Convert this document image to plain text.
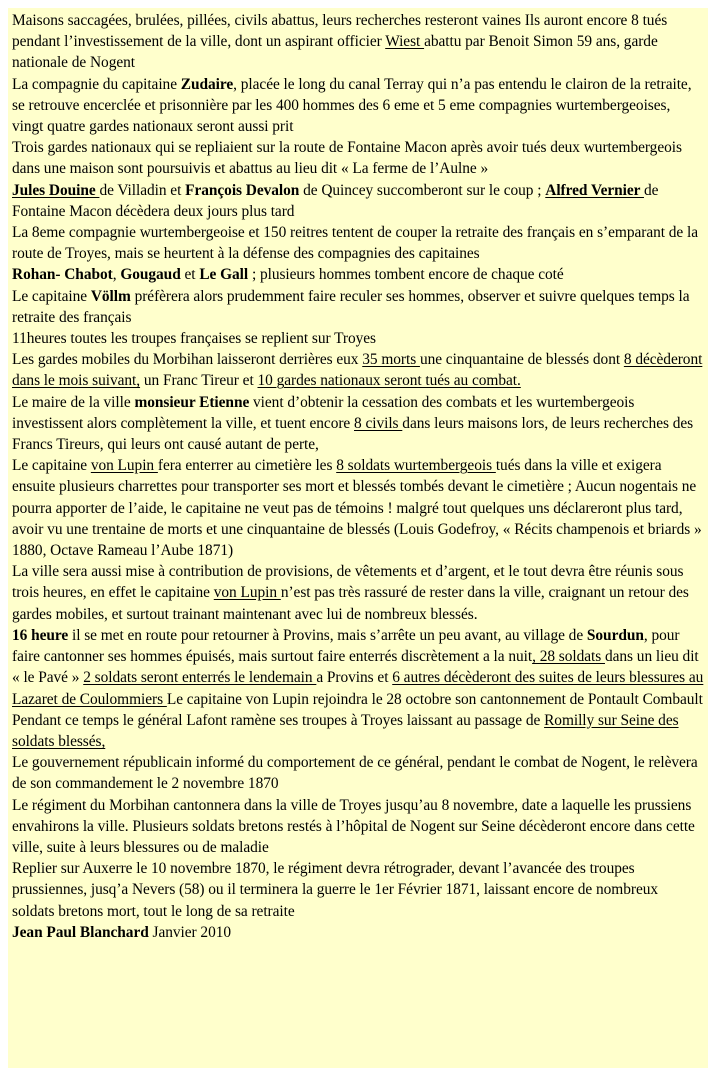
Maisons saccagées, brulées, pillées, civils abattus, leurs recherches resteront vaines Ils auront encore 8 tués pendant l’investissement de la ville, dont un aspirant officier Wiest abattu par Benoit Simon 59 ans, garde nationale de Nogent
La compagnie du capitaine Zudaire, placée le long du canal Terray qui n’a pas entendu le clairon de la retraite, se retrouve encerclée et prisonnière par les 400 hommes des 6 eme et 5 eme compagnies wurtembergeoises, vingt quatre gardes nationaux seront aussi prit
Trois gardes nationaux qui se repliaient sur la route de Fontaine Macon après avoir tués deux wurtembergeois dans une maison sont poursuivis et abattus au lieu dit « La ferme de l’Aulne »
Jules Douine de Villadin et François Devalon de Quincey succomberont sur le coup ; Alfred Vernier de Fontaine Macon décèdera deux jours plus tard
La 8eme compagnie wurtembergeoise et 150 reitres tentent de couper la retraite des français en s’emparant de la route de Troyes, mais se heurtent à la défense des compagnies des capitaines
Rohan- Chabot, Gougaud et Le Gall ; plusieurs hommes tombent encore de chaque coté
Le capitaine Völlm préfèrera alors prudemment faire reculer ses hommes, observer et suivre quelques temps la retraite des français
11heures toutes les troupes françaises se replient sur Troyes
Les gardes mobiles du Morbihan laisseront derrières eux 35 morts une cinquantaine de blessés dont 8 décèderont dans le mois suivant, un Franc Tireur et 10 gardes nationaux seront tués au combat.
Le maire de la ville monsieur Etienne vient d’obtenir la cessation des combats et les wurtembergeois investissent alors complètement la ville, et tuent encore 8 civils dans leurs maisons lors, de leurs recherches des Francs Tireurs, qui leurs ont causé autant de perte,
Le capitaine von Lupin fera enterrer au cimetière les 8 soldats wurtembergeois tués dans la ville et exigera ensuite plusieurs charrettes pour transporter ses mort et blessés tombés devant le cimetière ; Aucun nogentais ne pourra apporter de l’aide, le capitaine ne veut pas de témoins ! malgré tout quelques uns déclareront plus tard, avoir vu une trentaine de morts et une cinquantaine de blessés (Louis Godefroy, « Récits champenois et briards » 1880, Octave Rameau l’Aube 1871)
La ville sera aussi mise à contribution de provisions, de vêtements et d’argent, et le tout devra être réunis sous trois heures, en effet le capitaine von Lupin n’est pas très rassuré de rester dans la ville, craignant un retour des gardes mobiles, et surtout trainant maintenant avec lui de nombreux blessés.
16 heure il se met en route pour retourner à Provins, mais s’arrête un peu avant, au village de Sourdun, pour faire cantonner ses hommes épuisés, mais surtout faire enterrés discrètement a la nuit, 28 soldats dans un lieu dit « le Pavé » 2 soldats seront enterrés le lendemain a Provins et 6 autres décèderont des suites de leurs blessures au Lazaret de Coulommiers Le capitaine von Lupin rejoindra le 28 octobre son cantonnement de Pontault Combault
Pendant ce temps le général Lafont ramène ses troupes à Troyes laissant au passage de Romilly sur Seine des soldats blessés,
Le gouvernement républicain informé du comportement de ce général, pendant le combat de Nogent, le relèvera de son commandement le 2 novembre 1870
Le régiment du Morbihan cantonnera dans la ville de Troyes jusqu’au 8 novembre, date a laquelle les prussiens envahirons la ville. Plusieurs soldats bretons restés à l’hôpital de Nogent sur Seine décèderont encore dans cette ville, suite à leurs blessures ou de maladie
Replier sur Auxerre le 10 novembre 1870, le régiment devra rétrograder, devant l’avancée des troupes prussiennes, jusq’a Nevers (58) ou il terminera la guerre le 1er Février 1871, laissant encore de nombreux soldats bretons mort, tout le long de sa retraite
Jean Paul Blanchard Janvier 2010
